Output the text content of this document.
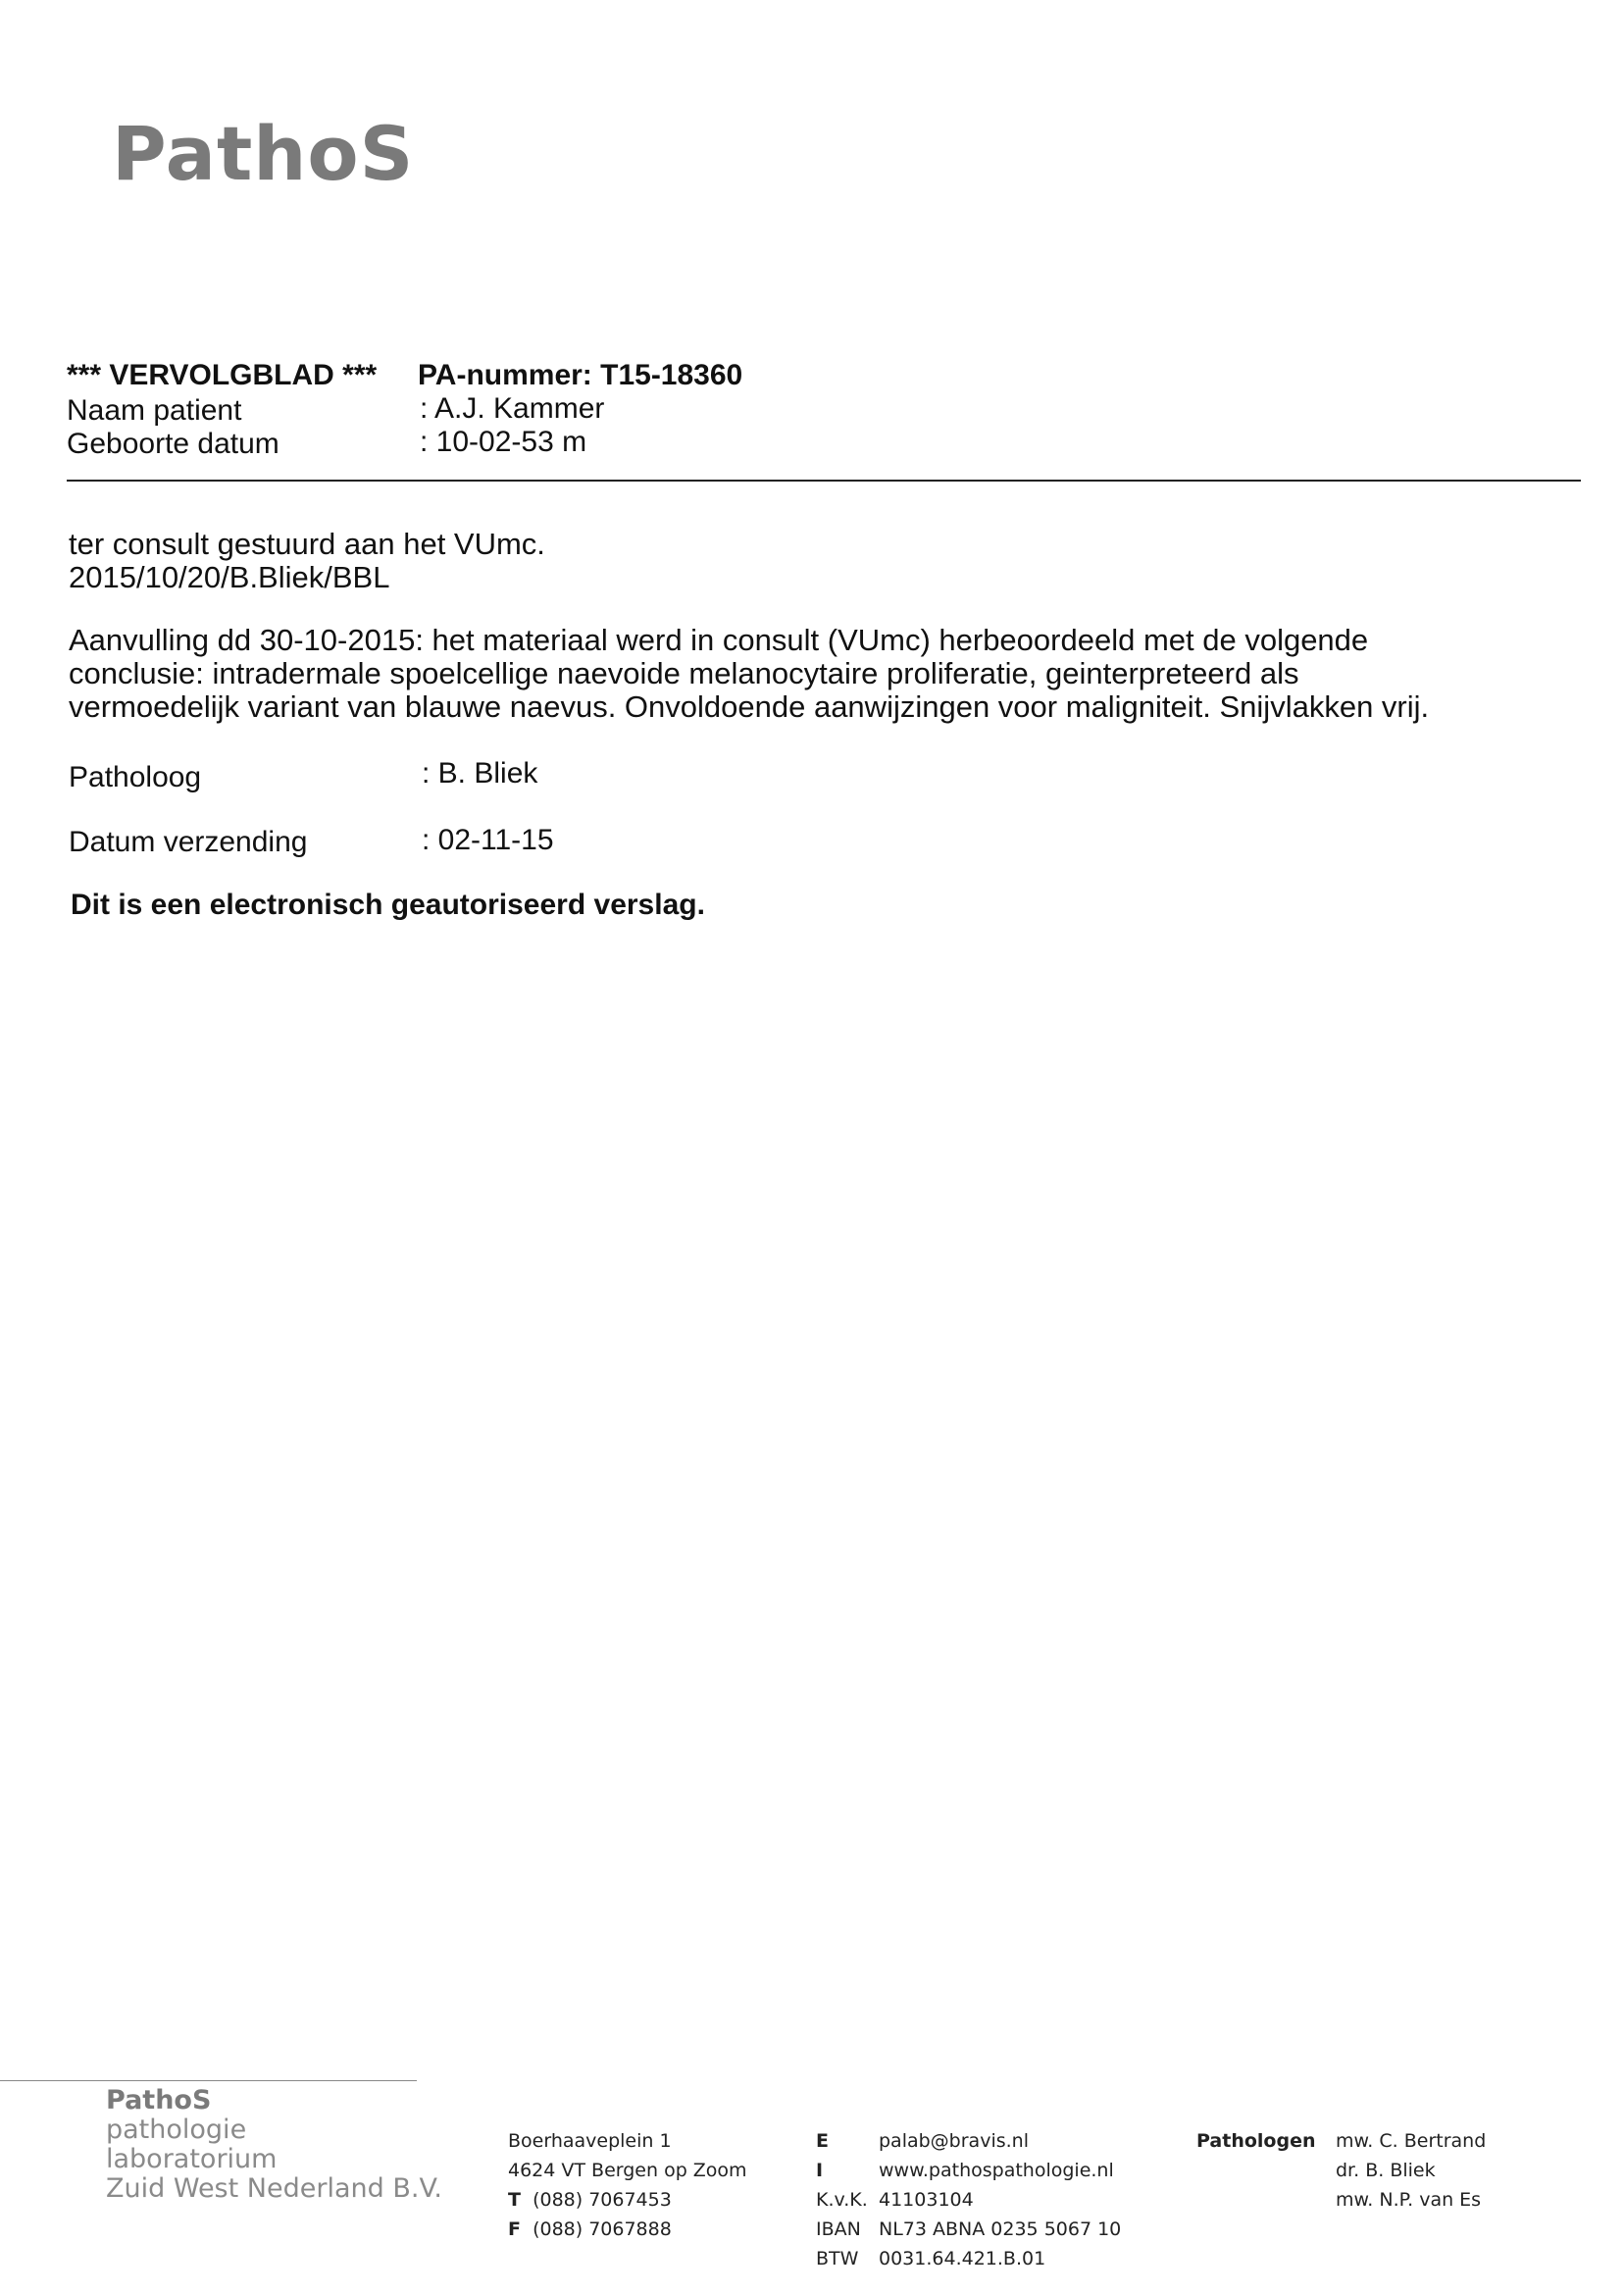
PathoS
*** VERVOLGBLAD *** PA-nummer: T15-18360
Naam patient	: A.J. Kammer
Geboorte datum	: 10-02-53 m
ter consult gestuurd aan het VUmc.
2015/10/20/B.Bliek/BBL
Aanvulling dd 30-10-2015: het materiaal werd in consult (VUmc) herbeoordeeld met de volgende
conclusie: intradermale spoelcellige naevoide melanocytaire proliferatie, geinterpreteerd als
vermoedelijk variant van blauwe naevus. Onvoldoende aanwijzingen voor maligniteit. Snijvlakken vrij.
Patholoog	: B. Bliek
Datum verzending	: 02-11-15
Dit is een electronisch geautoriseerd verslag.
PathoS
pathologie
laboratorium
Zuid West Nederland B.V.
Boerhaaveplein 1
4624 VT Bergen op Zoom
T (088) 7067453
F (088) 7067888
E	palab@bravis.nl
I	www.pathospathologie.nl
K.v.K. 41103104
IBAN NL73 ABNA 0235 5067 10
BTW 0031.64.421.B.01
Pathologen mw. C. Bertrand
dr. B. Bliek
mw. N.P. van Es
